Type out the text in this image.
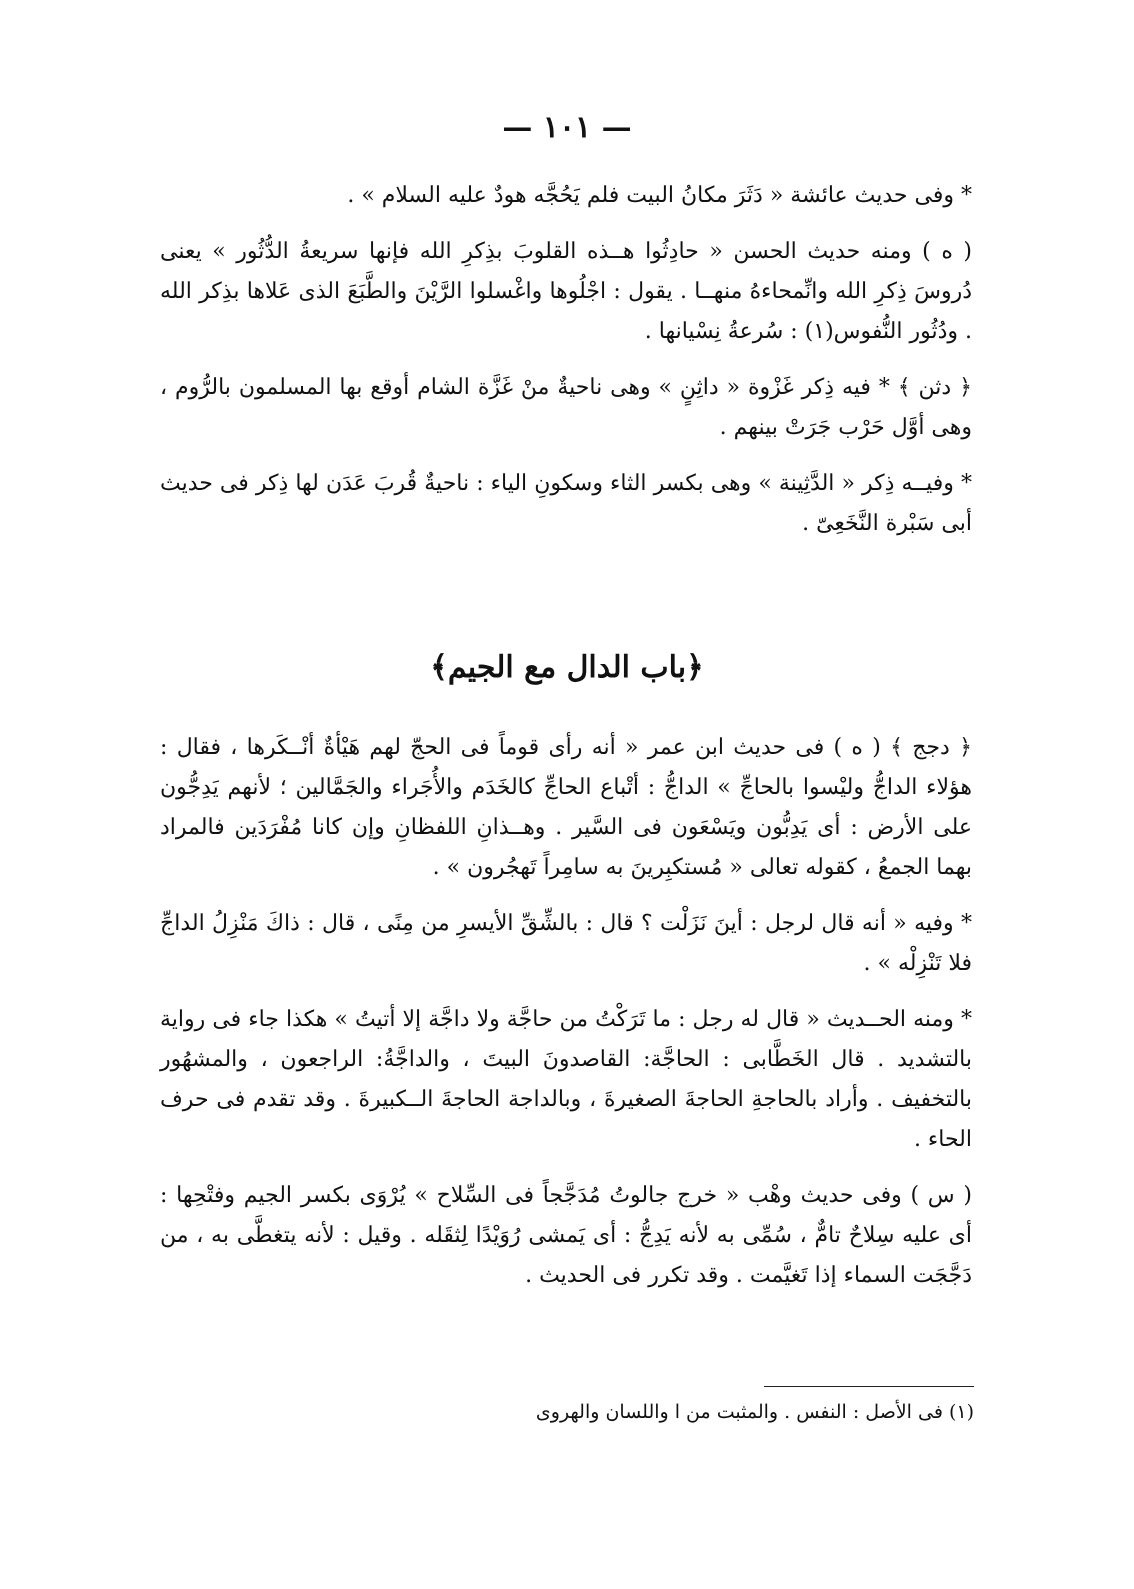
— ١٠١ —

* وفى حديث عائشة « دَثَرَ مكانُ البيت فلم يَحُجَّه هودٌ عليه السلام » .

( ه ) ومنه حديث الحسن « حادِثُوا هــذه القلوبَ بذِكرِ الله فإنها سريعةُ الدُّثُور » يعنى دُروسَ ذِكرِ الله وانِّمحاءهُ منهــا . يقول : اجْلُوها واغْسلوا الرَّيْنَ والطَّبَعَ الذى عَلاها بذِكر الله . ودُثُور النُّفوس(١) : سُرعةُ نِسْيانها .

﴿ دثن ﴾ * فيه ذِكر غَزْوة « داثِنٍ » وهى ناحيةٌ منْ غَزَّة الشام أوقع بها المسلمون بالرُّوم ، وهى أوَّل حَرْب جَرَتْ بينهم .

* وفيــه ذِكر « الدَّثِينة » وهى بكسر الثاء وسكونِ الياء : ناحيةٌ قُربَ عَدَن لها ذِكر فى حديث أبى سَبْرة النَّخَعِىّ .

﴿باب الدال مع الجيم﴾

﴿ دجج ﴾ ( ه ) فى حديث ابن عمر « أنه رأى قوماً فى الحجّ لهم هَيْأةٌ أنْــكَرها ، فقال : هؤلاء الداجُّ وليْسوا بالحاجِّ » الداجُّ : أتْباع الحاجِّ كالخَدَم والأُجَراء والجَمَّالين ؛ لأنهم يَدِجُّون على الأرض : أى يَدِبُّون ويَسْعَون فى السَّير . وهــذانِ اللفظانِ وإن كانا مُفْرَدَين فالمراد بهما الجمعُ ، كقوله تعالى « مُستكبِرينَ به سامِراً تَهجُرون » .

* وفيه « أنه قال لرجل : أينَ نَزَلْت ؟ قال : بالشِّقِّ الأيسرِ من مِنًى ، قال : ذاكَ مَنْزِلُ الداجِّ فلا تَنْزِلْه » .

* ومنه الحــديث « قال له رجل : ما تَرَكْتُ من حاجَّة ولا داجَّة إلا أتيتُ » هكذا جاء فى رواية بالتشديد . قال الخَطَّابى : الحاجَّة: القاصدونَ البيتَ ، والداجَّةُ: الراجعون ، والمشهُور بالتخفيف . وأراد بالحاجةِ الحاجةَ الصغيرةَ ، وبالداجة الحاجةَ الــكبيرةَ . وقد تقدم فى حرف الحاء .

( س ) وفى حديث وهْب « خرج جالوتُ مُدَجَّجاً فى السِّلاح » يُرْوَى بكسر الجيم وفتْحِها : أى عليه سِلاحٌ تامٌّ ، سُمِّى به لأنه يَدِجُّ : أى يَمشى رُوَيْدًا لِثقَله . وقيل : لأنه يتغطَّى به ، من دَجَّجَت السماء إذا تَغيَّمت . وقد تكرر فى الحديث .

(١) فى الأصل : النفس . والمثبت من ا واللسان والهروى
